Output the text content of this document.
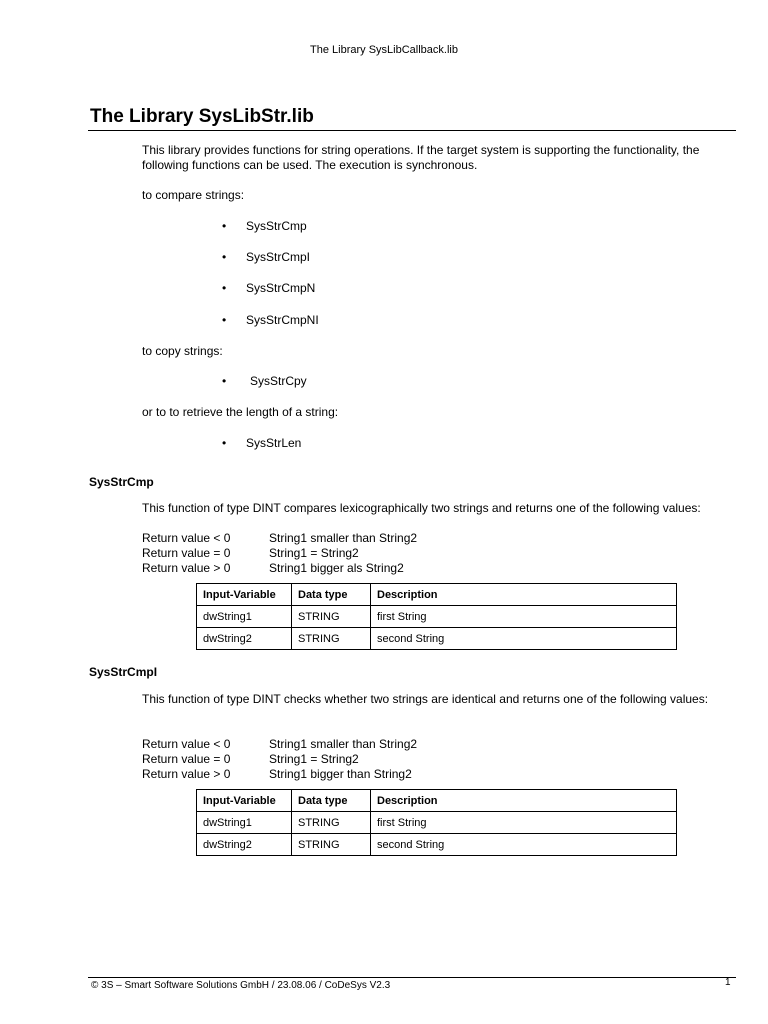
The Library SysLibCallback.lib
The Library SysLibStr.lib
This library provides functions for string operations. If the target system is supporting the functionality, the following functions can be used. The execution is synchronous.
to compare strings:
• SysStrCmp
• SysStrCmpI
• SysStrCmpN
• SysStrCmpNI
to copy strings:
• SysStrCpy
or to to retrieve the length of a string:
• SysStrLen
SysStrCmp
This function of type DINT compares lexicographically two strings and returns one of the following values:
Return value < 0	String1 smaller than String2
Return value = 0	String1 = String2
Return value > 0	String1 bigger als String2
Input-Variable	Data type	Description
dwString1	STRING	first String
dwString2	STRING	second String
SysStrCmpI
This function of type DINT checks whether two strings are identical and returns one of the following values:
Return value < 0	String1 smaller than String2
Return value = 0	String1 = String2
Return value > 0	String1 bigger than String2
Input-Variable	Data type	Description
dwString1	STRING	first String
dwString2	STRING	second String
© 3S – Smart Software Solutions GmbH / 23.08.06 / CoDeSys V2.3	1
